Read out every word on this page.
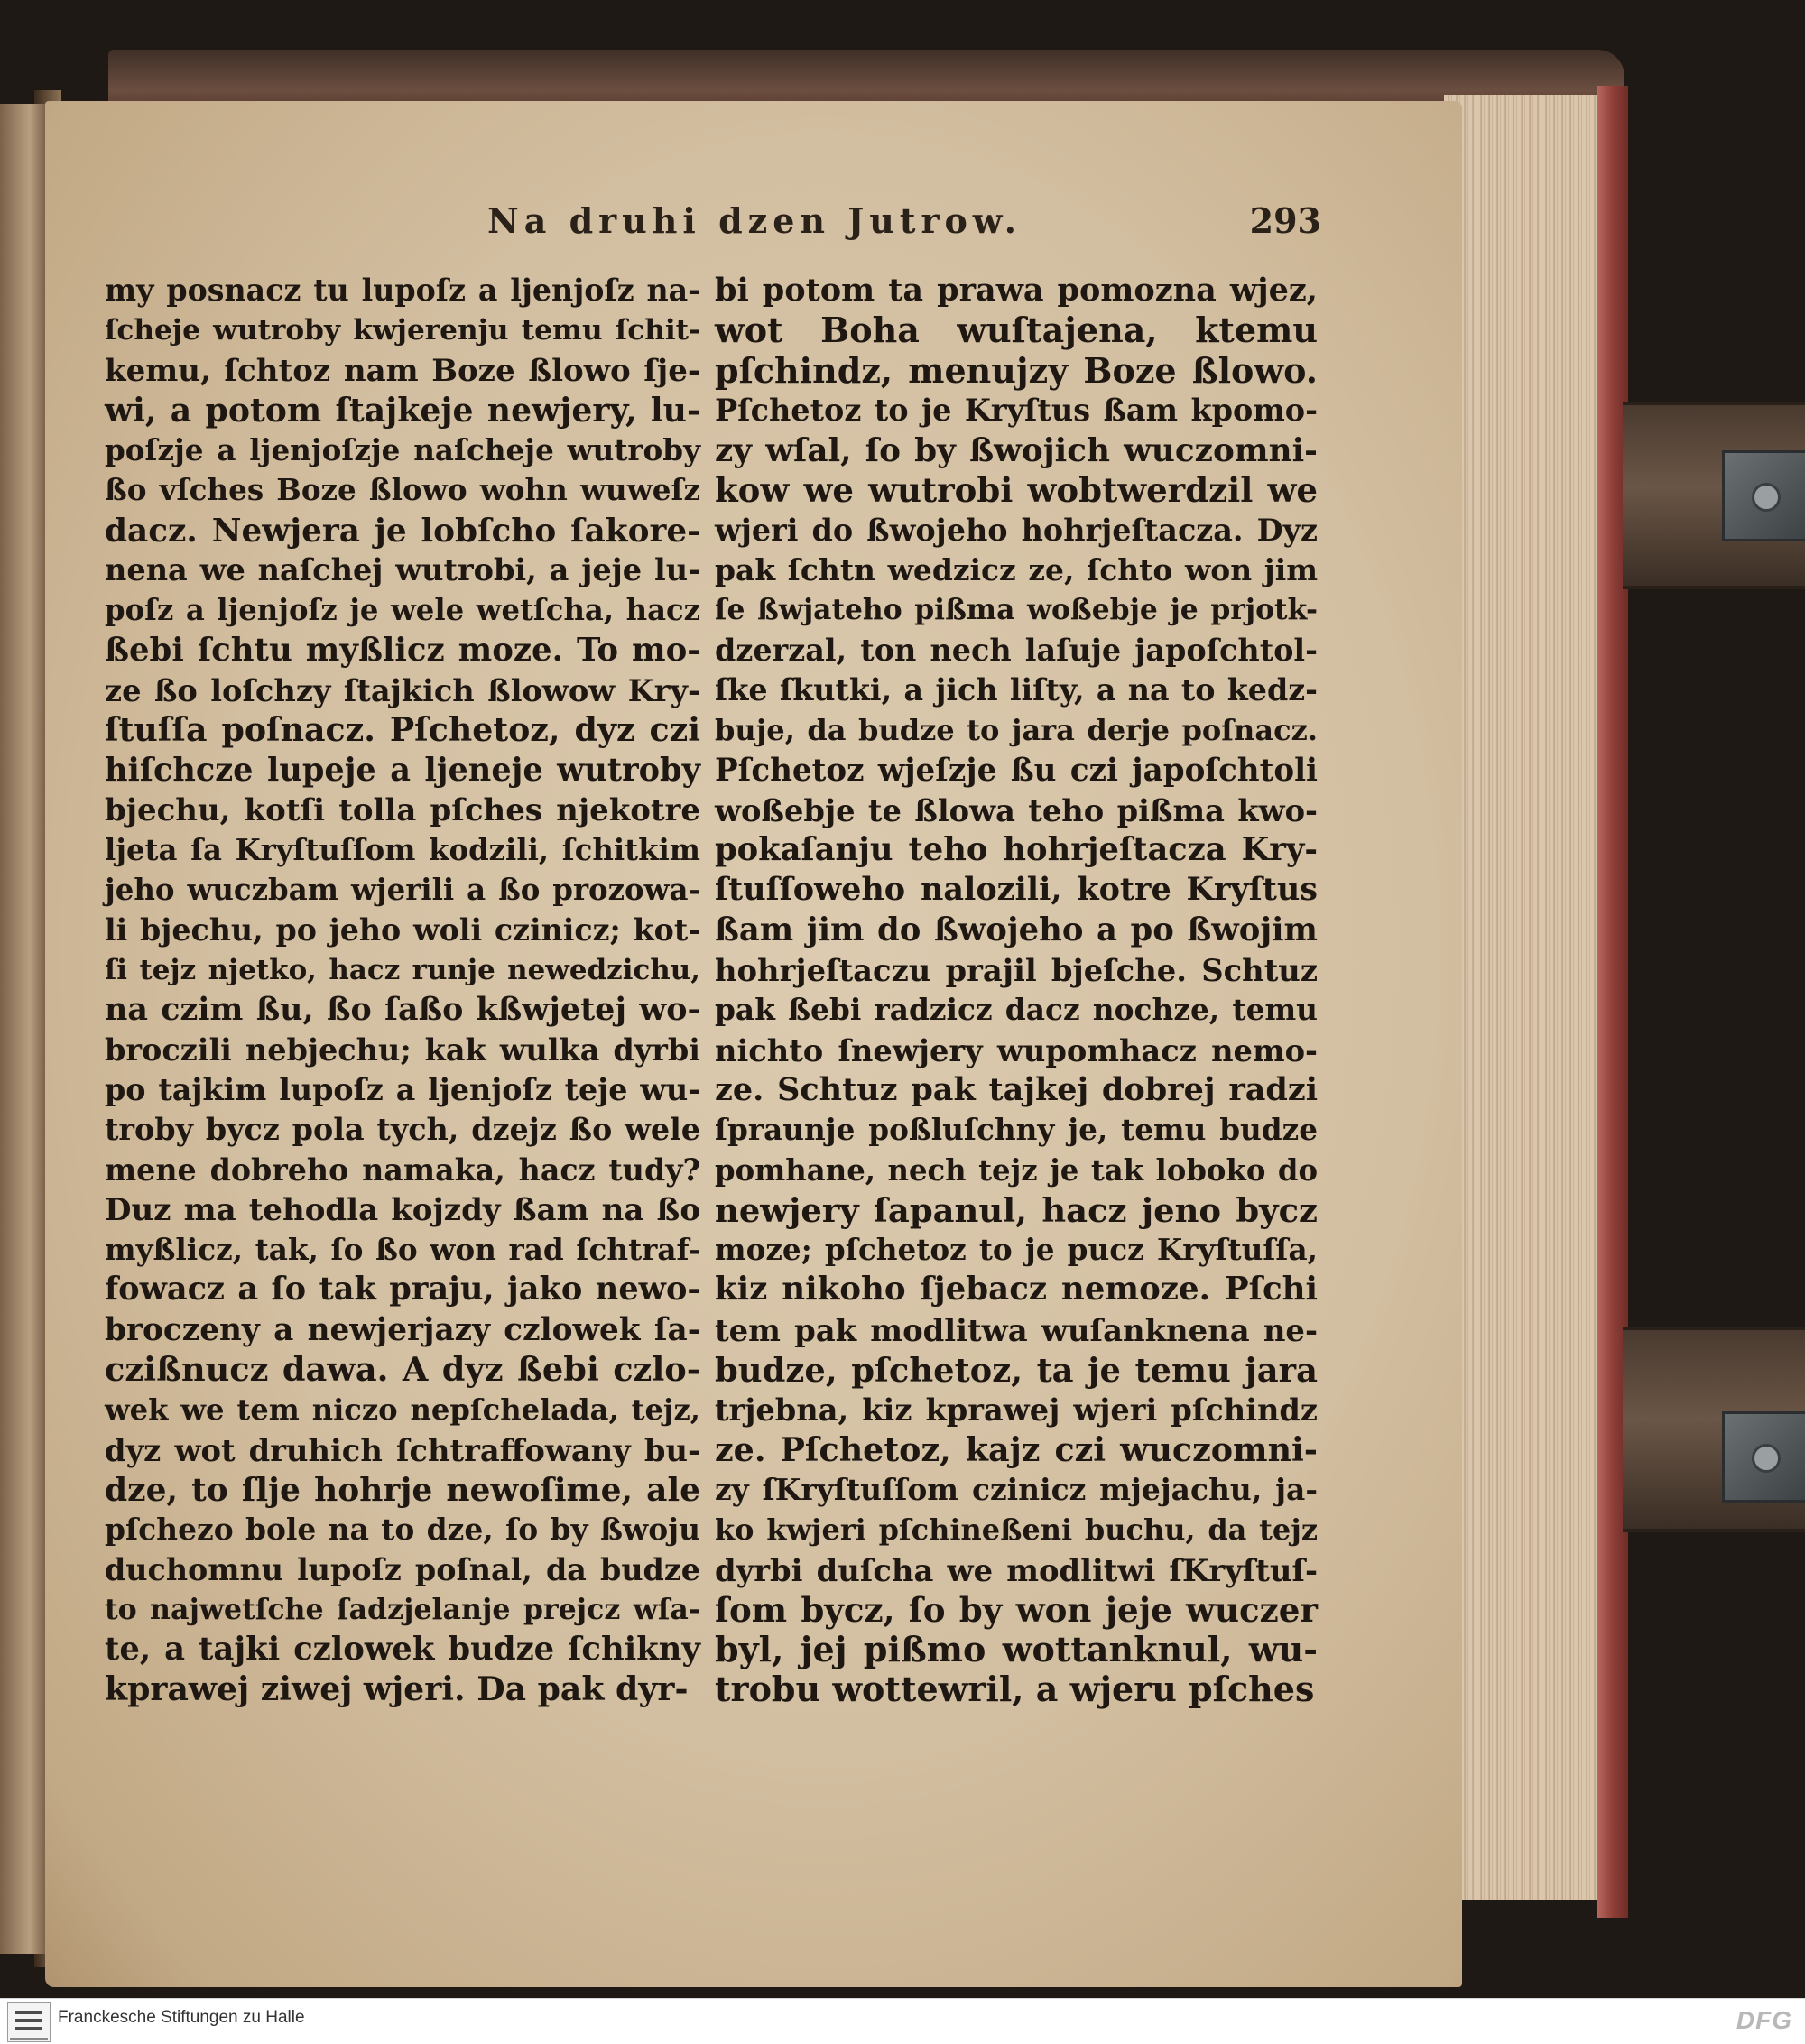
Na druhi dzen Jutrow.	293
my posnacz tu lupoſz a ljenjoſz na-
ſcheje wutroby kwjerenju temu ſchit-
kemu, ſchtoz nam Boze ßlowo ſje-
wi, a potom ſtajkeje newjery, lu-
poſzje a ljenjoſzje naſcheje wutroby
ßo vſches Boze ßlowo wohn wuweſz
dacz. Newjera je lobſcho ſakore-
nena we naſchej wutrobi, a jeje lu-
poſz a ljenjoſz je wele wetſcha, hacz
ßebi ſchtu myßlicz moze. To mo-
ze ßo loſchzy ſtajkich ßlowow Kry-
ſtuſſa poſnacz. Pſchetoz, dyz czi
hiſchcze lupeje a ljeneje wutroby
bjechu, kotſi tolla pſches njekotre
ljeta ſa Kryſtuſſom kodzili, ſchitkim
jeho wuczbam wjerili a ßo prozowa-
li bjechu, po jeho woli czinicz; kot-
ſi tejz njetko, hacz runje newedzichu,
na czim ßu, ßo ſaßo kßwjetej wo-
broczili nebjechu; kak wulka dyrbi
po tajkim lupoſz a ljenjoſz teje wu-
troby bycz pola tych, dzejz ßo wele
mene dobreho namaka, hacz tudy?
Duz ma tehodla kojzdy ßam na ßo
myßlicz, tak, ſo ßo won rad ſchtraf-
fowacz a ſo tak praju, jako newo-
broczeny a newjerjazy czlowek ſa-
czißnucz dawa. A dyz ßebi czlo-
wek we tem niczo nepſchelada, tejz,
dyz wot druhich ſchtraffowany bu-
dze, to ſlje hohrje newoſime, ale
pſchezo bole na to dze, ſo by ßwoju
duchomnu lupoſz poſnal, da budze
to najwetſche ſadzjelanje prejcz wſa-
te, a tajki czlowek budze ſchikny
kprawej ziwej wjeri. Da pak dyr-
bi potom ta prawa pomozna wjez,
wot Boha wuſtajena, ktemu
pſchindz, menujzy Boze ßlowo.
Pſchetoz to je Kryſtus ßam kpomo-
zy wſal, ſo by ßwojich wuczomni-
kow we wutrobi wobtwerdzil we
wjeri do ßwojeho hohrjeſtacza. Dyz
pak ſchtn wedzicz ze, ſchto won jim
ſe ßwjateho pißma woßebje je prjotk-
dzerzal, ton nech laſuje japoſchtol-
ſke ſkutki, a jich liſty, a na to kedz-
buje, da budze to jara derje poſnacz.
Pſchetoz wjeſzje ßu czi japoſchtoli
woßebje te ßlowa teho pißma kwo-
pokaſanju teho hohrjeſtacza Kry-
ſtuſſoweho nalozili, kotre Kryſtus
ßam jim do ßwojeho a po ßwojim
hohrjeſtaczu prajil bjeſche. Schtuz
pak ßebi radzicz dacz nochze, temu
nichto ſnewjery wupomhacz nemo-
ze. Schtuz pak tajkej dobrej radzi
ſpraunje poßluſchny je, temu budze
pomhane, nech tejz je tak loboko do
newjery ſapanul, hacz jeno bycz
moze; pſchetoz to je pucz Kryſtuſſa,
kiz nikoho ſjebacz nemoze. Pſchi
tem pak modlitwa wuſanknena ne-
budze, pſchetoz, ta je temu jara
trjebna, kiz kprawej wjeri pſchindz
ze. Pſchetoz, kajz czi wuczomni-
zy ſKryſtuſſom czinicz mjejachu, ja-
ko kwjeri pſchineßeni buchu, da tejz
dyrbi duſcha we modlitwi ſKryſtuſ-
ſom bycz, ſo by won jeje wuczer
byl, jej pißmo wottanknul, wu-
trobu wottewril, a wjeru pſches
Franckesche Stiftungen zu Halle	DFG
